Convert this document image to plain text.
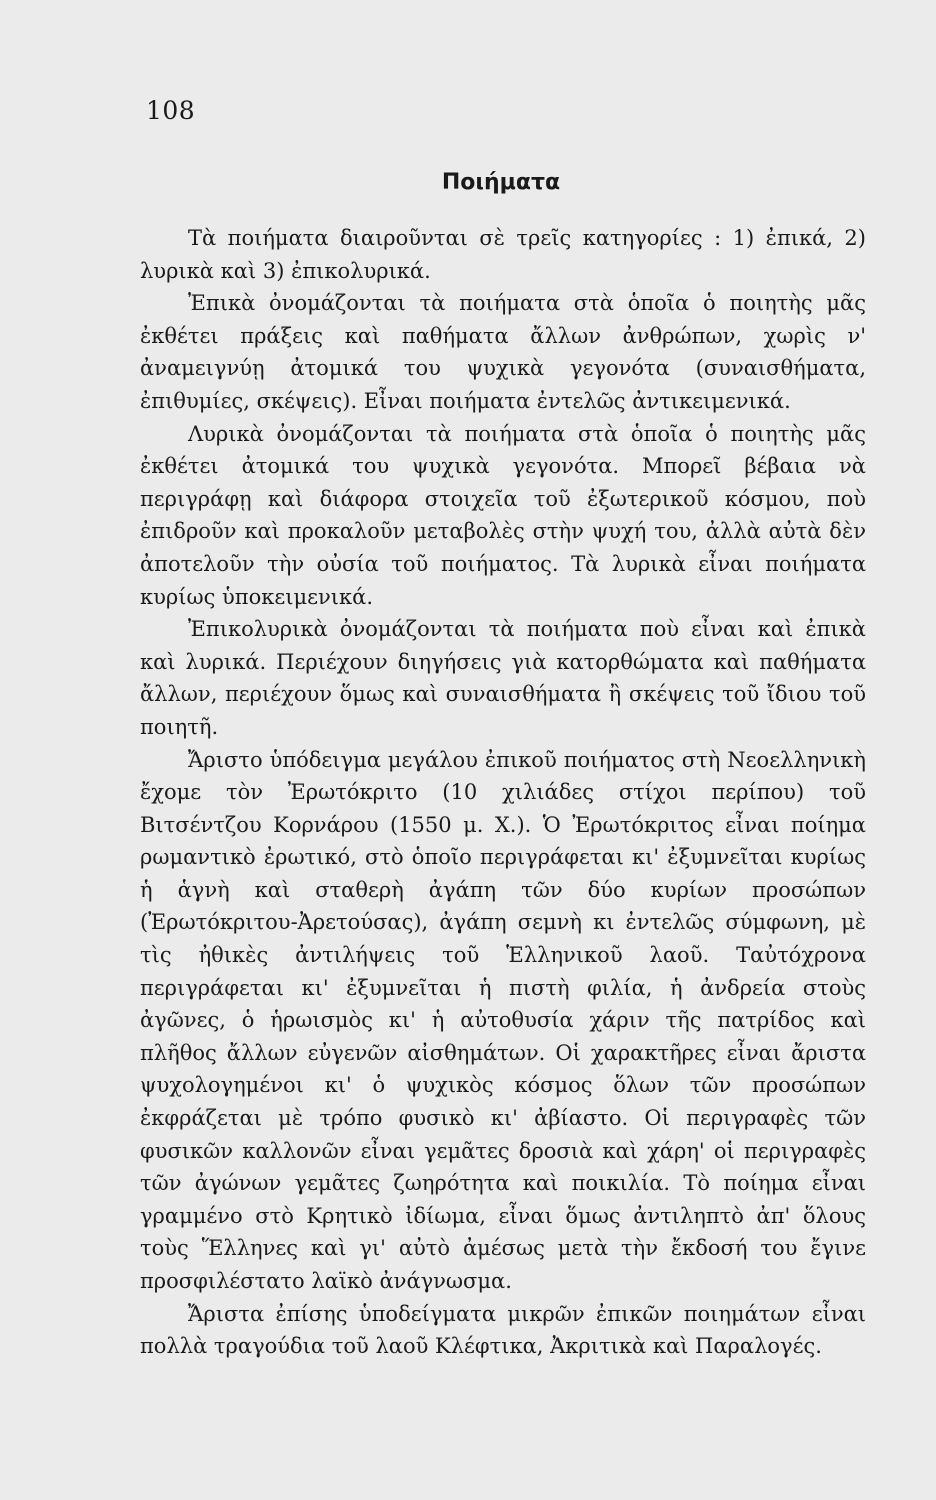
108
Ποιήματα

Τὰ ποιήματα διαιροῦνται σὲ τρεῖς κατηγορίες : 1) ἐπικά, 2) λυρικὰ καὶ 3) ἐπικολυρικά.

Ἐπικὰ ὀνομάζονται τὰ ποιήματα στὰ ὁποῖα ὁ ποιητὴς μᾶς ἐκθέτει πράξεις καὶ παθήματα ἄλλων ἀνθρώπων, χωρὶς ν' ἀναμειγνύῃ ἀτομικά του ψυχικὰ γεγονότα (συναισθήματα, ἐπιθυμίες, σκέψεις). Εἶναι ποιήματα ἐντελῶς ἀντικειμενικά.

Λυρικὰ ὀνομάζονται τὰ ποιήματα στὰ ὁποῖα ὁ ποιητὴς μᾶς ἐκθέτει ἀτομικά του ψυχικὰ γεγονότα. Μπορεῖ βέβαια νὰ περιγράφῃ καὶ διάφορα στοιχεῖα τοῦ ἐξωτερικοῦ κόσμου, ποὺ ἐπιδροῦν καὶ προκαλοῦν μεταβολὲς στὴν ψυχή του, ἀλλὰ αὐτὰ δὲν ἀποτελοῦν τὴν οὐσία τοῦ ποιήματος. Τὰ λυρικὰ εἶναι ποιήματα κυρίως ὑποκειμενικά.

Ἐπικολυρικὰ ὀνομάζονται τὰ ποιήματα ποὺ εἶναι καὶ ἐπικὰ καὶ λυρικά. Περιέχουν διηγήσεις γιὰ κατορθώματα καὶ παθήματα ἄλλων, περιέχουν ὅμως καὶ συναισθήματα ἢ σκέψεις τοῦ ἴδιου τοῦ ποιητῆ.

Ἄριστο ὑπόδειγμα μεγάλου ἐπικοῦ ποιήματος στὴ Νεοελληνικὴ ἔχομε τὸν Ἐρωτόκριτο (10 χιλιάδες στίχοι περίπου) τοῦ Βιτσέντζου Κορνάρου (1550 μ. Χ.). Ὁ Ἐρωτόκριτος εἶναι ποίημα ρωμαντικὸ ἐρωτικό, στὸ ὁποῖο περιγράφεται κι' ἐξυμνεῖται κυρίως ἡ ἁγνὴ καὶ σταθερὴ ἀγάπη τῶν δύο κυρίων προσώπων (Ἐρωτόκριτου-Ἀρετούσας), ἀγάπη σεμνὴ κι ἐντελῶς σύμφωνη, μὲ τὶς ἠθικὲς ἀντιλήψεις τοῦ Ἑλληνικοῦ λαοῦ. Ταὐτόχρονα περιγράφεται κι' ἐξυμνεῖται ἡ πιστὴ φιλία, ἡ ἀνδρεία στοὺς ἀγῶνες, ὁ ἡρωισμὸς κι' ἡ αὐτοθυσία χάριν τῆς πατρίδος καὶ πλῆθος ἄλλων εὐγενῶν αἰσθημάτων. Οἱ χαρακτῆρες εἶναι ἄριστα ψυχολογημένοι κι' ὁ ψυχικὸς κόσμος ὅλων τῶν προσώπων ἐκφράζεται μὲ τρόπο φυσικὸ κι' ἀβίαστο. Οἱ περιγραφὲς τῶν φυσικῶν καλλονῶν εἶναι γεμᾶτες δροσιὰ καὶ χάρη' οἱ περιγραφὲς τῶν ἀγώνων γεμᾶτες ζωηρότητα καὶ ποικιλία. Τὸ ποίημα εἶναι γραμμένο στὸ Κρητικὸ ἰδίωμα, εἶναι ὅμως ἀντιληπτὸ ἀπ' ὅλους τοὺς Ἕλληνες καὶ γι' αὐτὸ ἀμέσως μετὰ τὴν ἔκδοσή του ἔγινε προσφιλέστατο λαϊκὸ ἀνάγνωσμα.

Ἄριστα ἐπίσης ὑποδείγματα μικρῶν ἐπικῶν ποιημάτων εἶναι πολλὰ τραγούδια τοῦ λαοῦ Κλέφτικα, Ἀκριτικὰ καὶ Παραλογές.
